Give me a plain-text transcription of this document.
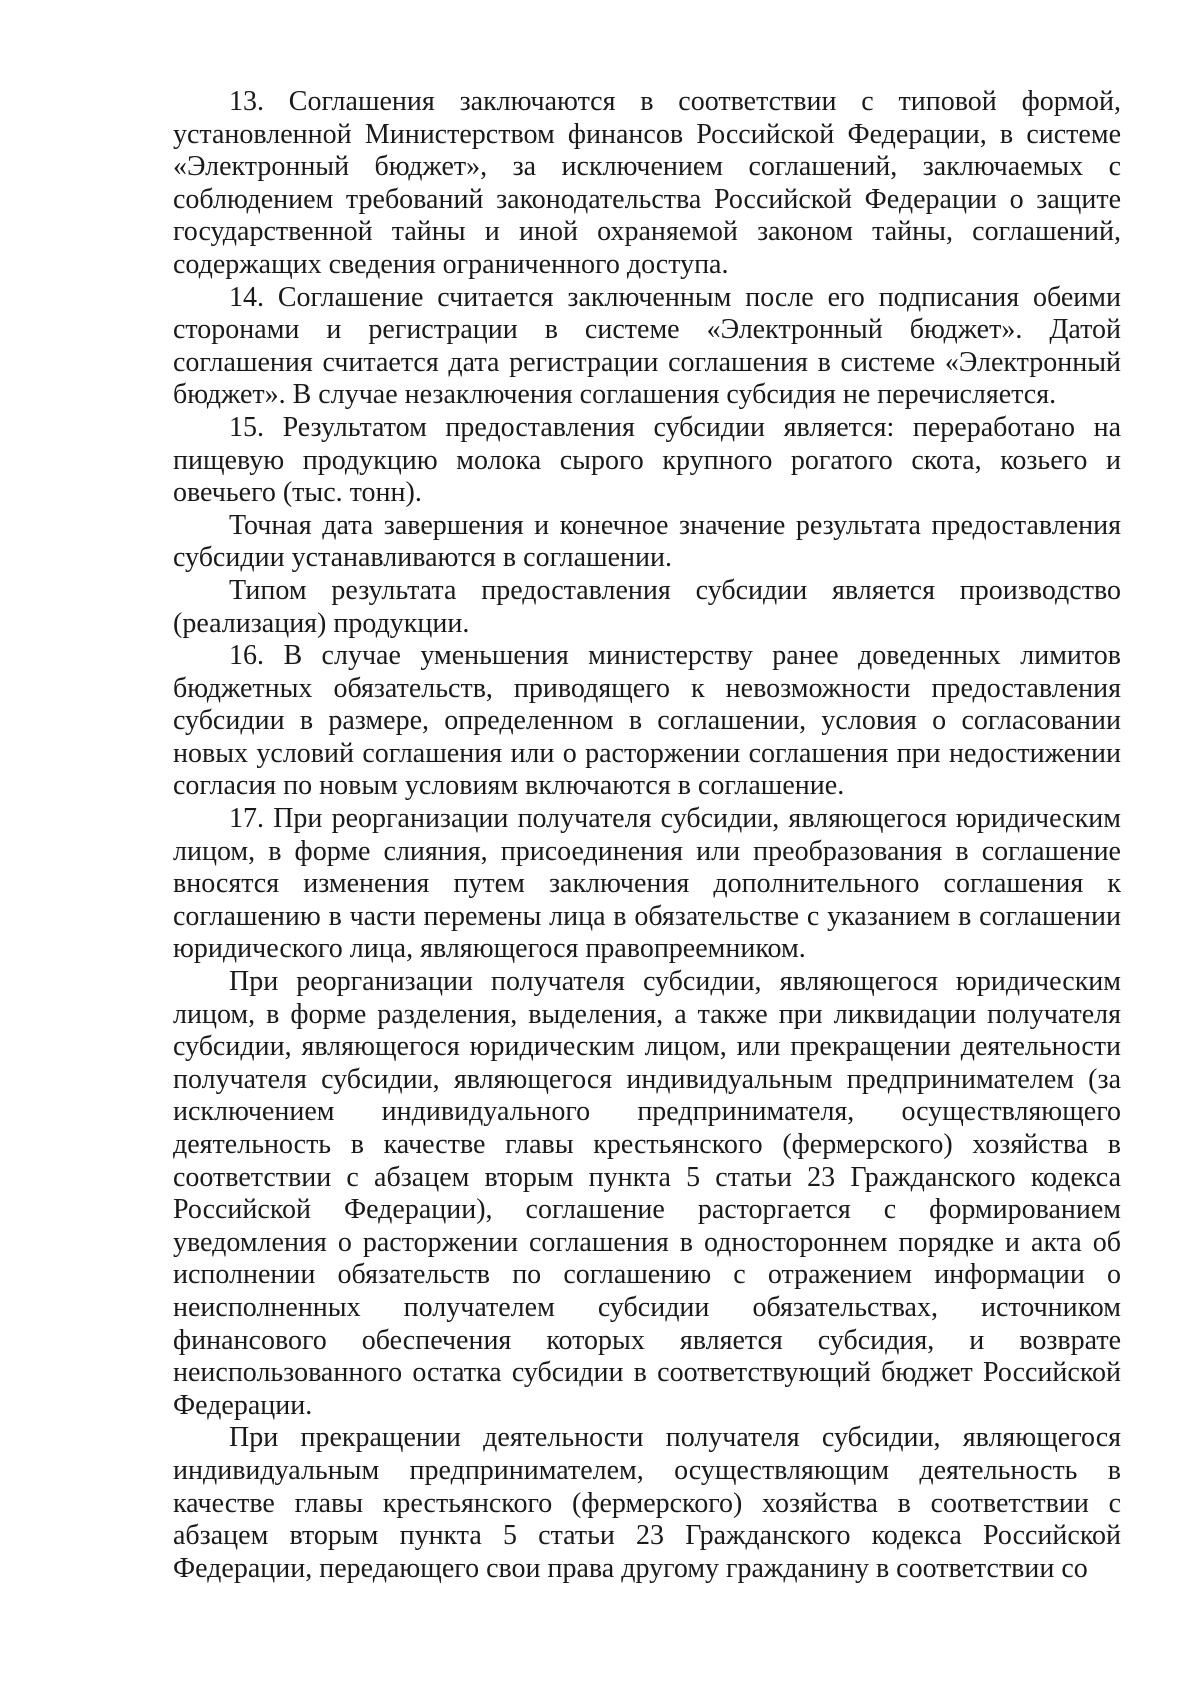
13. Соглашения заключаются в соответствии с типовой формой, установленной Министерством финансов Российской Федерации, в системе «Электронный бюджет», за исключением соглашений, заключаемых с соблюдением требований законодательства Российской Федерации о защите государственной тайны и иной охраняемой законом тайны, соглашений, содержащих сведения ограниченного доступа.

14. Соглашение считается заключенным после его подписания обеими сторонами и регистрации в системе «Электронный бюджет». Датой соглашения считается дата регистрации соглашения в системе «Электронный бюджет». В случае незаключения соглашения субсидия не перечисляется.

15. Результатом предоставления субсидии является: переработано на пищевую продукцию молока сырого крупного рогатого скота, козьего и овечьего (тыс. тонн).

Точная дата завершения и конечное значение результата предоставления субсидии устанавливаются в соглашении.

Типом результата предоставления субсидии является производство (реализация) продукции.

16. В случае уменьшения министерству ранее доведенных лимитов бюджетных обязательств, приводящего к невозможности предоставления субсидии в размере, определенном в соглашении, условия о согласовании новых условий соглашения или о расторжении соглашения при недостижении согласия по новым условиям включаются в соглашение.

17. При реорганизации получателя субсидии, являющегося юридическим лицом, в форме слияния, присоединения или преобразования в соглашение вносятся изменения путем заключения дополнительного соглашения к соглашению в части перемены лица в обязательстве с указанием в соглашении юридического лица, являющегося правопреемником.

При реорганизации получателя субсидии, являющегося юридическим лицом, в форме разделения, выделения, а также при ликвидации получателя субсидии, являющегося юридическим лицом, или прекращении деятельности получателя субсидии, являющегося индивидуальным предпринимателем (за исключением индивидуального предпринимателя, осуществляющего деятельность в качестве главы крестьянского (фермерского) хозяйства в соответствии с абзацем вторым пункта 5 статьи 23 Гражданского кодекса Российской Федерации), соглашение расторгается с формированием уведомления о расторжении соглашения в одностороннем порядке и акта об исполнении обязательств по соглашению с отражением информации о неисполненных получателем субсидии обязательствах, источником финансового обеспечения которых является субсидия, и возврате неиспользованного остатка субсидии в соответствующий бюджет Российской Федерации.

При прекращении деятельности получателя субсидии, являющегося индивидуальным предпринимателем, осуществляющим деятельность в качестве главы крестьянского (фермерского) хозяйства в соответствии с абзацем вторым пункта 5 статьи 23 Гражданского кодекса Российской Федерации, передающего свои права другому гражданину в соответствии со
